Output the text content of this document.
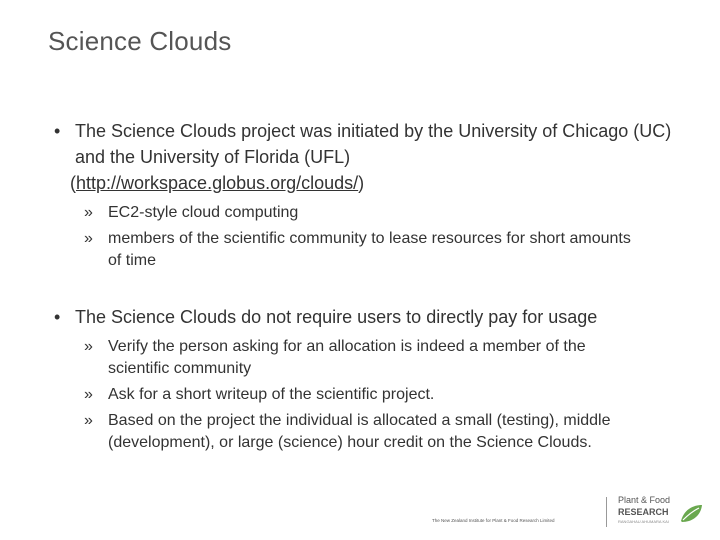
Science Clouds
• The Science Clouds project was initiated by the University of Chicago (UC) and the University of Florida (UFL)
(http://workspace.globus.org/clouds/)
» EC2-style cloud computing
» members of the scientific community to lease resources for short amounts of time
• The Science Clouds do not require users to directly pay for usage
» Verify the person asking for an allocation is indeed a member of the scientific community
» Ask for a short writeup of the scientific project.
» Based on the project the individual is allocated a small (testing), middle (development), or large (science) hour credit on the Science Clouds.
The New Zealand Institute for Plant & Food Research Limited
Plant & Food
RESEARCH
RANGAHAU AHUMARA KAI
